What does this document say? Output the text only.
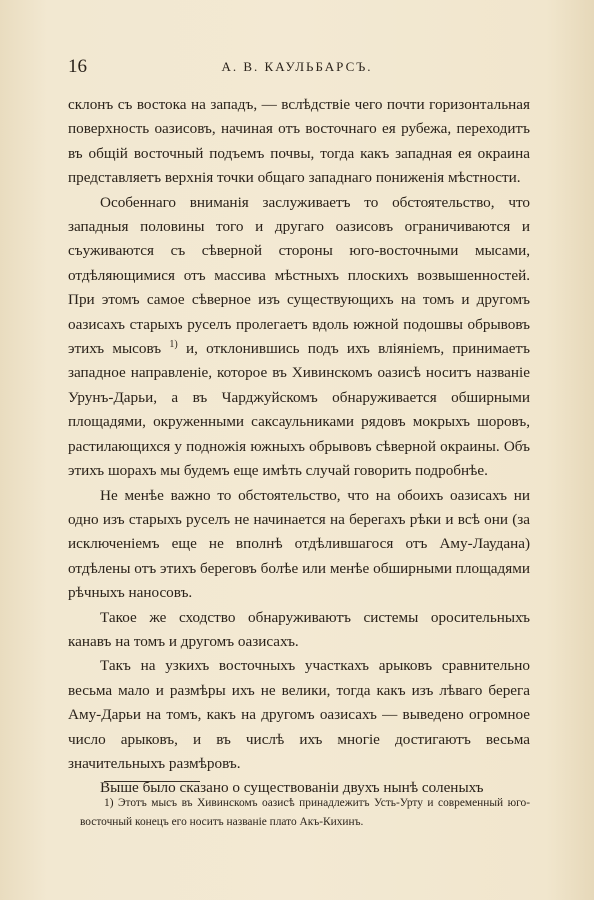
16	А. В. КАУЛЬБАРСЪ.

склонъ съ востока на западъ, — вслѣдствіе чего почти горизонтальная поверхность оазисовъ, начиная отъ восточнаго ея рубежа, переходитъ въ общій восточный подъемъ почвы, тогда какъ западная ея окраина представляетъ верхнія точки общаго западнаго пониженія мѣстности.

Особеннаго вниманія заслуживаетъ то обстоятельство, что западныя половины того и другаго оазисовъ ограничиваются и съуживаются съ сѣверной стороны юго-восточными мысами, отдѣляющимися отъ массива мѣстныхъ плоскихъ возвышенностей. При этомъ самое сѣверное изъ существующихъ на томъ и другомъ оазисахъ старыхъ руселъ пролегаетъ вдоль южной подошвы обрывовъ этихъ мысовъ $^{1)}$ и, отклонившись подъ ихъ вліяніемъ, принимаетъ западное направленіе, которое въ Хивинскомъ оазисѣ носитъ названіе Урунъ-Дарьи, а въ Чарджуйскомъ обнаруживается обширными площадями, окруженными саксаульниками рядовъ мокрыхъ шоровъ, растилающихся у подножія южныхъ обрывовъ сѣверной окраины. Объ этихъ шорахъ мы будемъ еще имѣть случай говорить подробнѣе.

Не менѣе важно то обстоятельство, что на обоихъ оазисахъ ни одно изъ старыхъ руселъ не начинается на берегахъ рѣки и всѣ они (за исключеніемъ еще не вполнѣ отдѣлившагося отъ Аму-Лаудана) отдѣлены отъ этихъ береговъ болѣе или менѣе обширными площадями рѣчныхъ наносовъ.

Такое же сходство обнаруживаютъ системы оросительныхъ канавъ на томъ и другомъ оазисахъ.

Такъ на узкихъ восточныхъ участкахъ арыковъ сравнительно весьма мало и размѣры ихъ не велики, тогда какъ изъ лѣваго берега Аму-Дарьи на томъ, какъ на другомъ оазисахъ — выведено огромное число арыковъ, и въ числѣ ихъ многіе достигаютъ весьма значительныхъ размѣровъ.

Выше было сказано о существованіи двухъ нынѣ соленыхъ

1) Этотъ мысъ въ Хивинскомъ оазисѣ принадлежитъ Усть-Урту и современный юго-восточный конецъ его носитъ названіе плато Акъ-Кихинъ.
